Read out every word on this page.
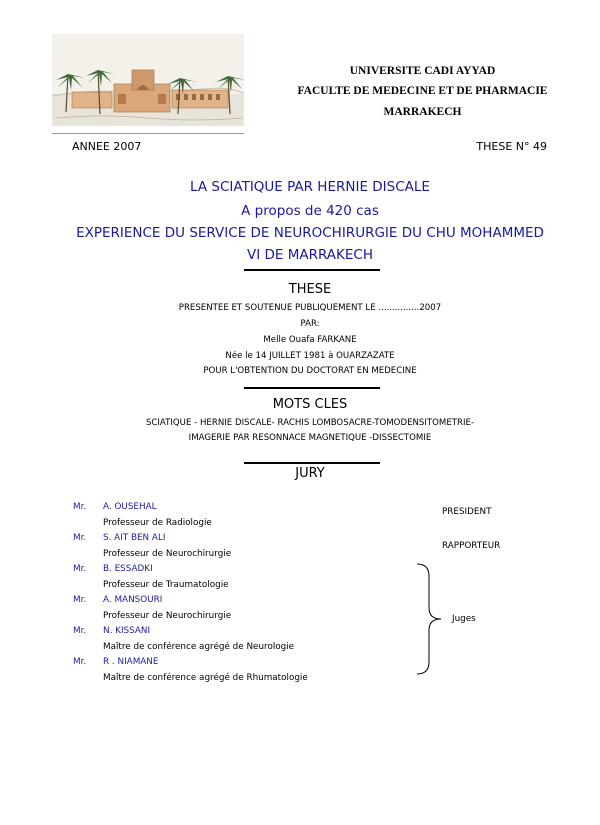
UNIVERSITE CADI AYYAD
FACULTE DE MEDECINE ET DE PHARMACIE
MARRAKECH
ANNEE 2007	THESE N° 49
LA SCIATIQUE PAR HERNIE DISCALE
A propos de 420 cas
EXPERIENCE DU SERVICE DE NEUROCHIRURGIE DU CHU MOHAMMED
VI DE MARRAKECH
THESE
PRESENTEE ET SOUTENUE PUBLIQUEMENT LE ...............2007
PAR:
Melle Ouafa FARKANE
Née le 14 JUILLET 1981 à OUARZAZATE
POUR L'OBTENTION DU DOCTORAT EN MEDECINE
MOTS CLES
SCIATIQUE - HERNIE DISCALE- RACHIS LOMBOSACRE-TOMODENSITOMETRIE-
IMAGERIE PAR RESONNACE MAGNETIQUE -DISSECTOMIE
JURY
Mr. A. OUSEHAL
Professeur de Radiologie
Mr. S. AIT BEN ALI
Professeur de Neurochirurgie
Mr. B. ESSADKI
Professeur de Traumatologie
Mr. A. MANSOURI
Professeur de Neurochirurgie
Mr. N. KISSANI
Maître de conférence agrégé de Neurologie
Mr. R . NIAMANE
Maître de conférence agrégé de Rhumatologie
PRESIDENT
RAPPORTEUR
Juges
